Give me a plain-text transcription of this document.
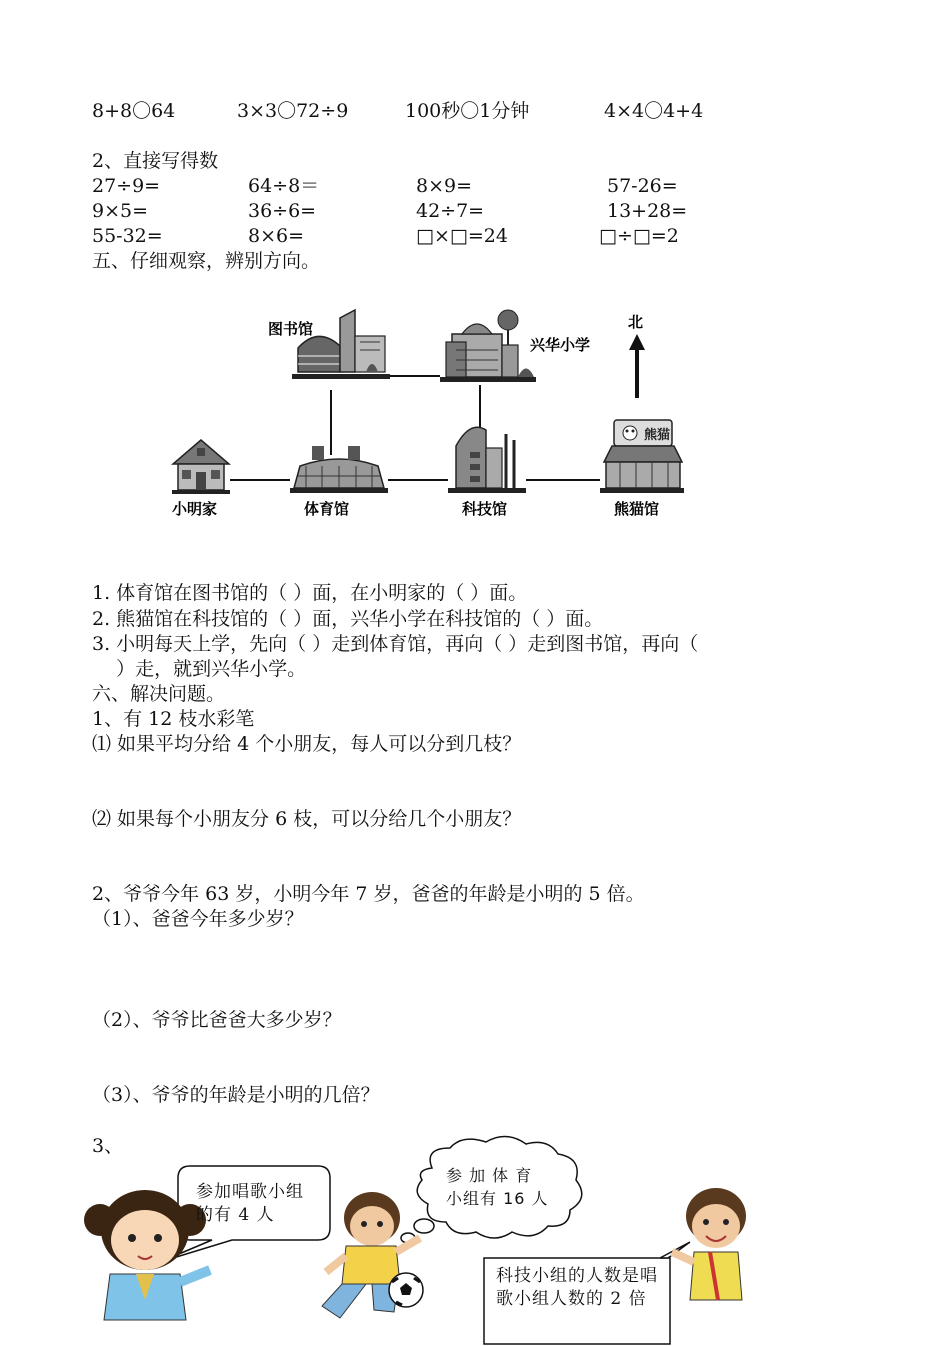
8+8〇64	3×3〇72÷9	100秒〇1分钟	4×4〇4+4
2、直接写得数
27÷9=	64÷8＝	8×9=	57-26=
9×5=	36÷6=	42÷7=	13+28=
55-32=	8×6=	□×□=24	□÷□=2
五、仔细观察，辨别方向。
北
图书馆
兴华小学
小明家	体育馆	科技馆
熊猫
熊猫馆
1. 体育馆在图书馆的（ ）面，在小明家的（ ）面。
2. 熊猫馆在科技馆的（ ）面，兴华小学在科技馆的（ ）面。
3. 小明每天上学，先向（ ）走到体育馆，再向（ ）走到图书馆，再向（
）走，就到兴华小学。
六、解决问题。
1、有 12 枝水彩笔
⑴ 如果平均分给 4 个小朋友，每人可以分到几枝？
⑵ 如果每个小朋友分 6 枝，可以分给几个小朋友？
2、爷爷今年 63 岁，小明今年 7 岁，爸爸的年龄是小明的 5 倍。
（1）、爸爸今年多少岁？
（2）、爷爷比爸爸大多少岁？
（3）、爷爷的年龄是小明的几倍？
3、
参加唱歌小组的有 4 人
参 加 体 育 小组有 16 人
科技小组的人数是唱歌小组人数的 2 倍
